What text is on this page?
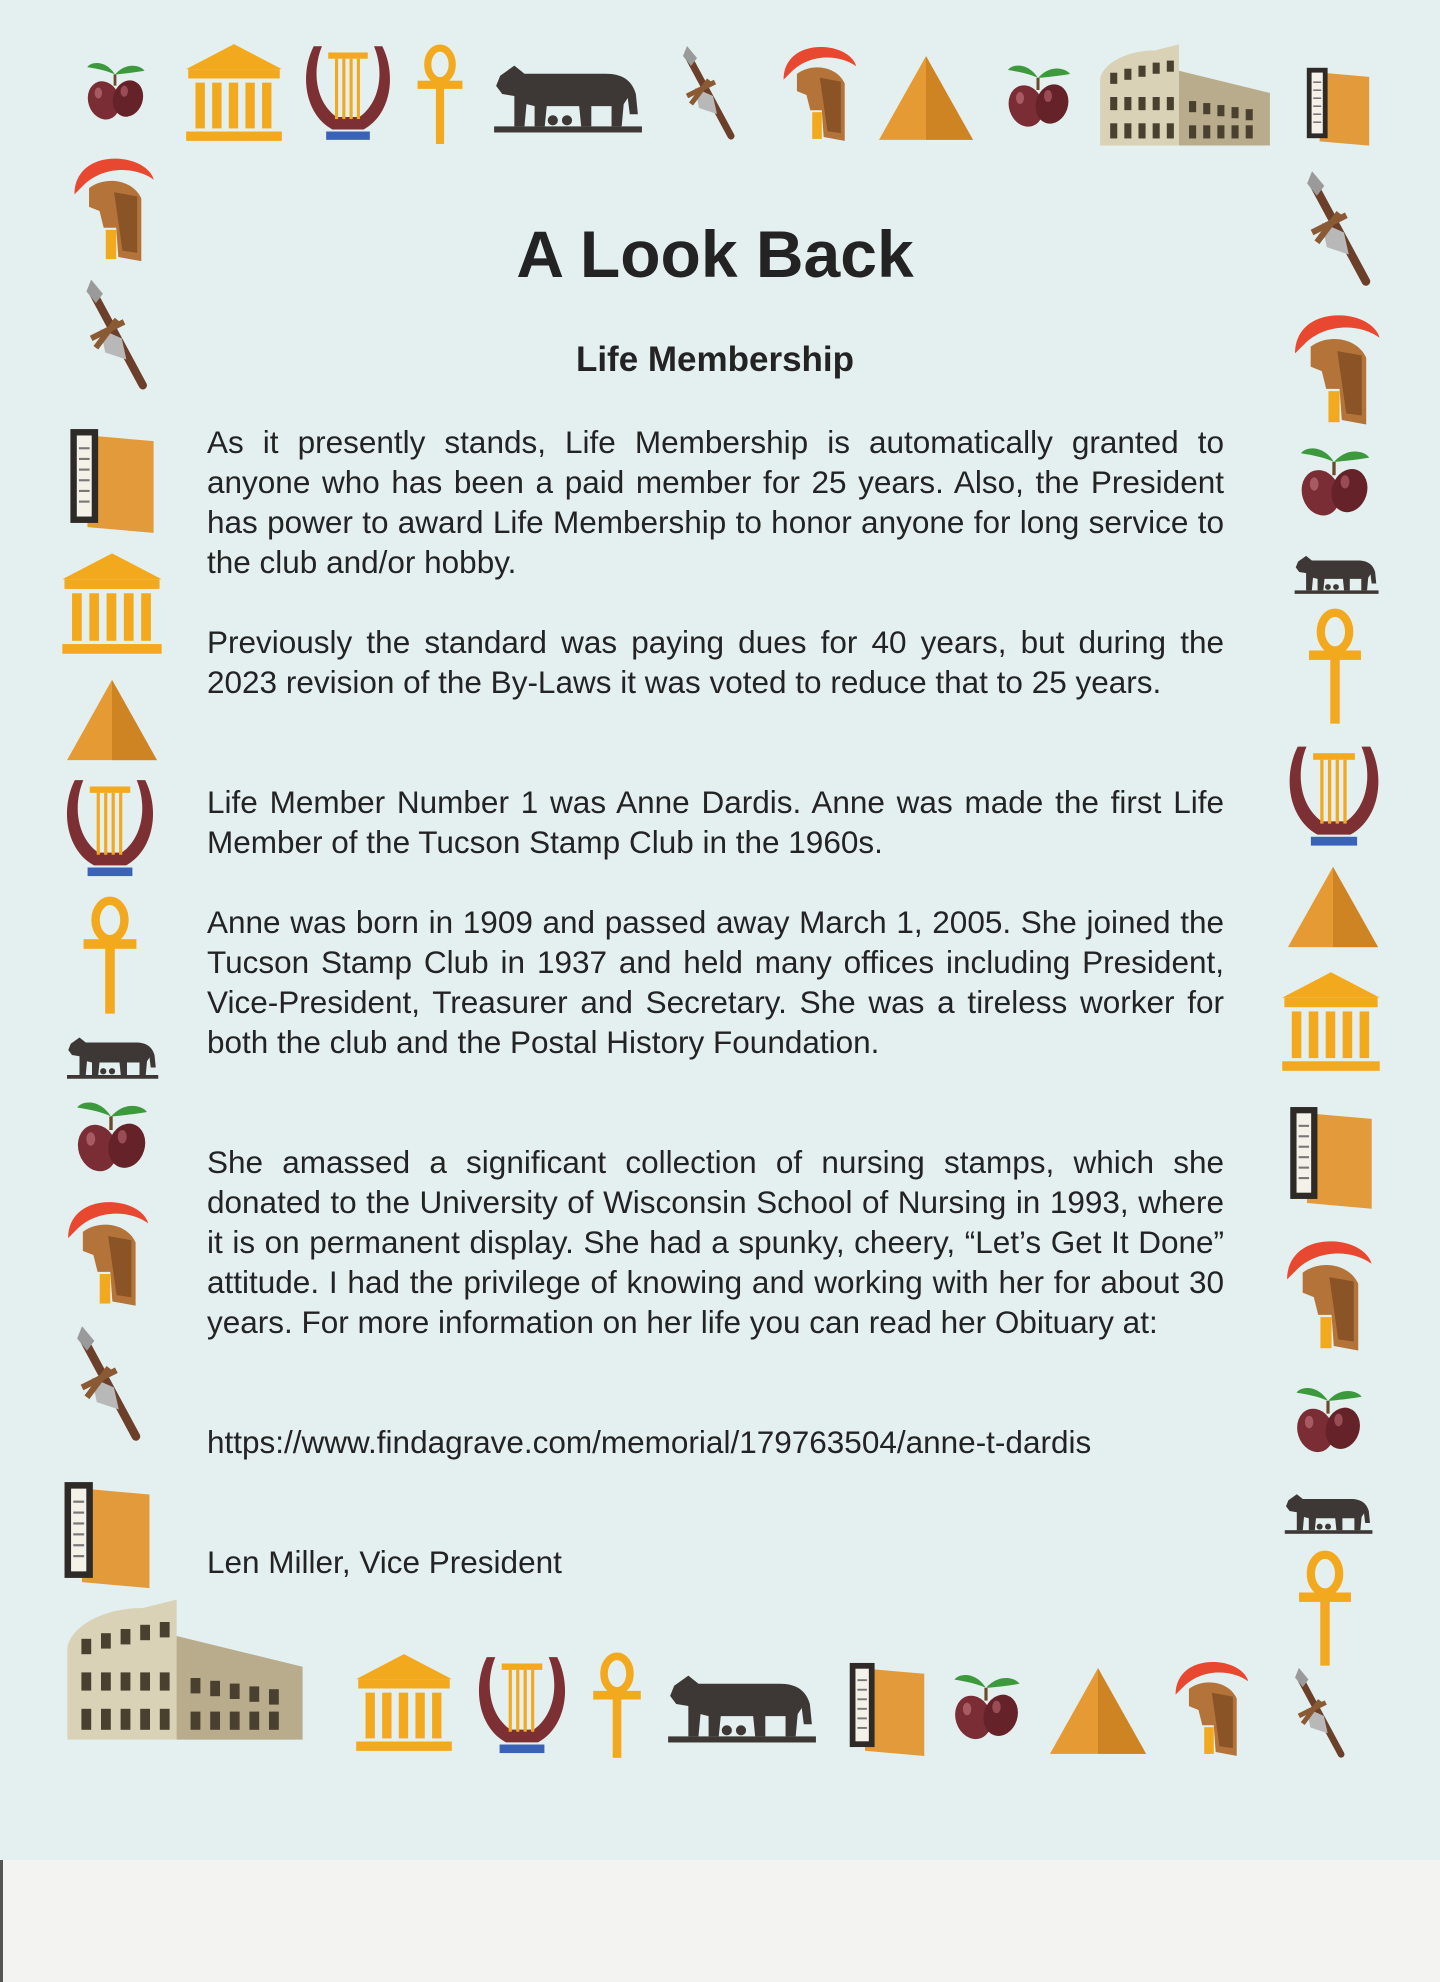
A Look Back
Life Membership

As it presently stands, Life Membership is automatically granted to anyone who has been a paid member for 25 years. Also, the President has power to award Life Membership to honor anyone for long service to the club and/or hobby.

Previously the standard was paying dues for 40 years, but during the 2023 revision of the By-Laws it was voted to reduce that to 25 years.

Life Member Number 1 was Anne Dardis. Anne was made the first Life Member of the Tucson Stamp Club in the 1960s.

Anne was born in 1909 and passed away March 1, 2005. She joined the Tucson Stamp Club in 1937 and held many offices including President, Vice-President, Treasurer and Secretary. She was a tireless worker for both the club and the Postal History Foundation.

She amassed a significant collection of nursing stamps, which she donated to the University of Wisconsin School of Nursing in 1993, where it is on permanent display. She had a spunky, cheery, “Let’s Get It Done” attitude. I had the privilege of knowing and working with her for about 30 years. For more information on her life you can read her Obituary at:

https://www.findagrave.com/memorial/179763504/anne-t-dardis

Len Miller, Vice President
